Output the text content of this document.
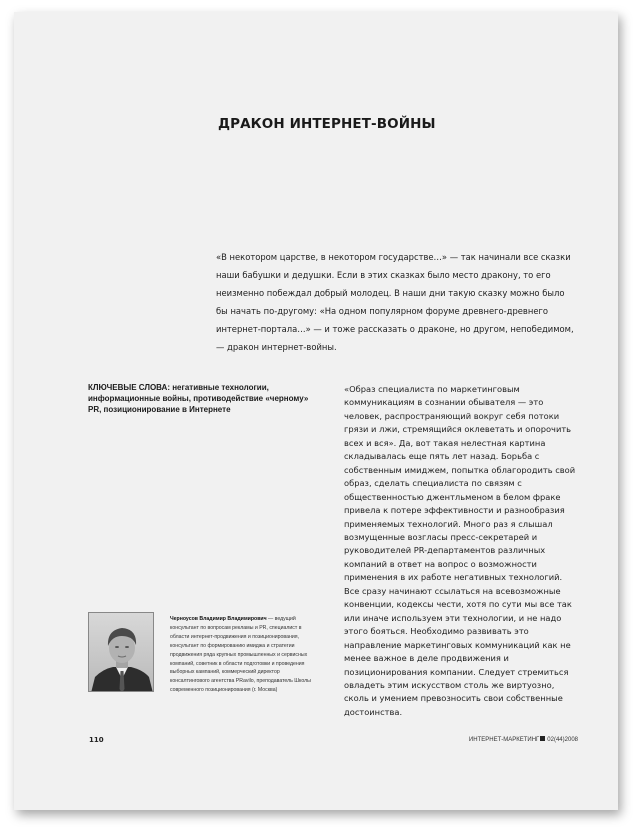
ДРАКОН ИНТЕРНЕТ-ВОЙНЫ

«В некотором царстве, в некотором государстве…» — так начинали все сказки наши бабушки и дедушки. Если в этих сказках было место дракону, то его неизменно побеждал добрый молодец. В наши дни такую сказку можно было бы начать по-другому: «На одном популярном форуме древнего-древнего интернет-портала…» — и тоже рассказать о драконе, но другом, непобедимом, — дракон интернет-войны.

КЛЮЧЕВЫЕ СЛОВА: негативные технологии, информационные войны, противодействие «черному» PR, позиционирование в Интернете

«Образ специалиста по маркетинговым коммуникациям в сознании обывателя — это человек, распространяющий вокруг себя потоки грязи и лжи, стремящийся оклеветать и опорочить всех и вся». Да, вот такая нелестная картина складывалась еще пять лет назад. Борьба с собственным имиджем, попытка облагородить свой образ, сделать специалиста по связям с общественностью джентльменом в белом фраке привела к потере эффективности и разнообразия применяемых технологий. Много раз я слышал возмущенные возгласы пресс-секретарей и руководителей PR-департаментов различных компаний в ответ на вопрос о возможности применения в их работе негативных технологий. Все сразу начинают ссылаться на всевозможные конвенции, кодексы чести, хотя по сути мы все так или иначе используем эти технологии, и не надо этого бояться. Необходимо развивать это направление маркетинговых коммуникаций как не менее важное в деле продвижения и позиционирования компании. Следует стремиться овладеть этим искусством столь же виртуозно, сколь и умением превозносить свои собственные достоинства.

Черноусов Владимир Владимирович — ведущий консультант по вопросам рекламы и PR, специалист в области интернет-продвижения и позиционирования, консультант по формированию имиджа и стратегии продвижения ряда крупных промышленных и сервисных компаний, советник в области подготовки и проведения выборных кампаний, коммерческий директор консалтингового агентства PRavilo, преподаватель Школы современного позиционирования (г. Москва)
110	ИНТЕРНЕТ-МАРКЕТИНГ 02(44)2008
